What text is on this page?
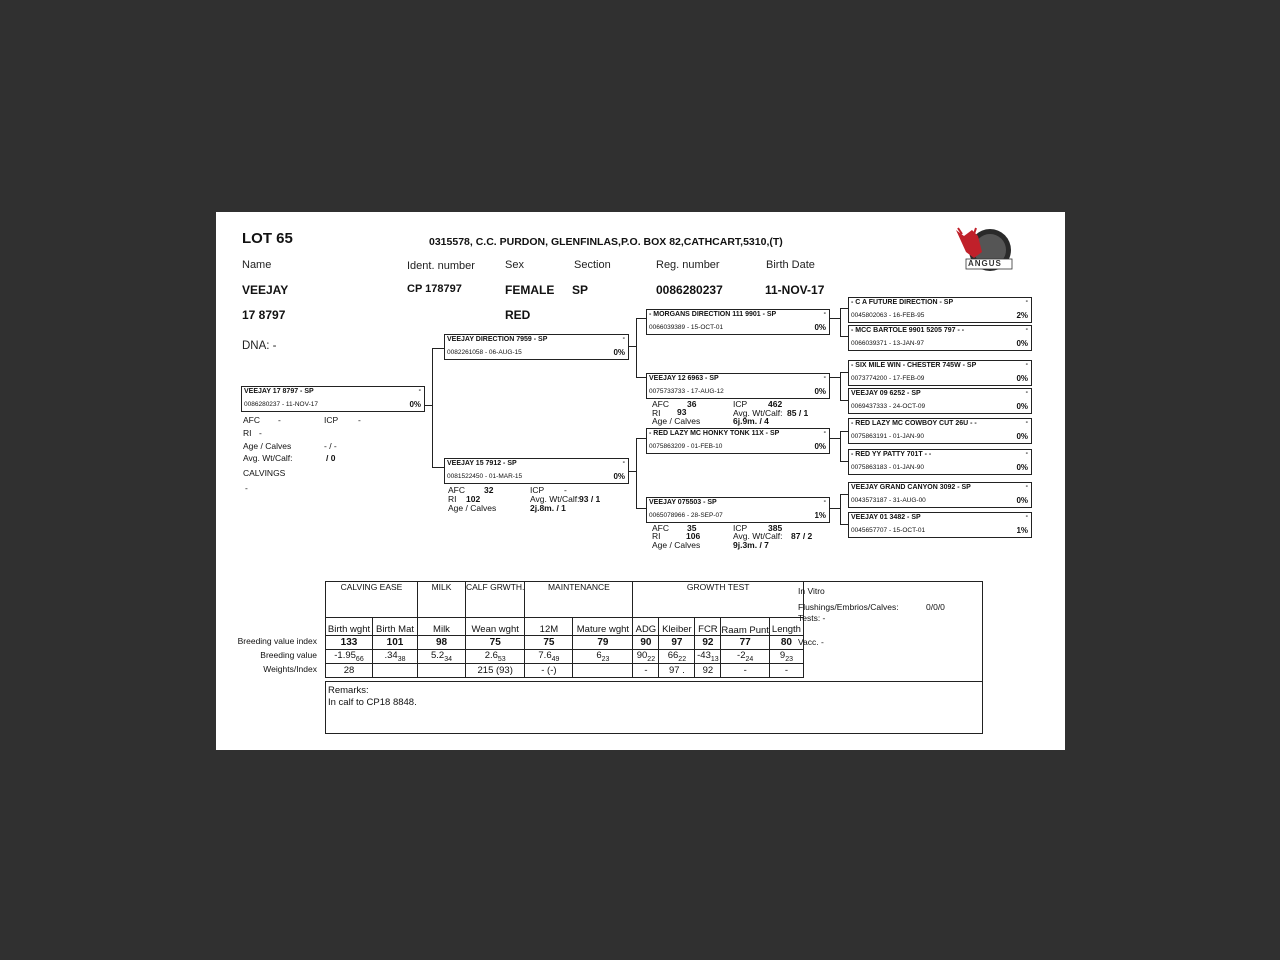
LOT 65	0315578, C.C. PURDON, GLENFINLAS,P.O. BOX 82,CATHCART,5310,(T)
ANGUS
Name	Ident. number	Sex	Section	Reg. number	Birth Date
VEEJAY	CP 178797	FEMALE SP	0086280237	11-NOV-17
17 8797	RED
DNA: -
VEEJAY 17 8797 - SP	-
0086280237 - 11-NOV-17	0%
AFC -	ICP -
RI -
Age / Calves	- / -
Avg. Wt/Calf:	/ 0
CALVINGS
-
VEEJAY DIRECTION 7959 - SP	-
0082261058 - 06-AUG-15	0%
VEEJAY 15 7912 - SP	-
0081522450 - 01-MAR-15	0%
AFC 32	ICP -
RI 102	Avg. Wt/Calf: 93 / 1
Age / Calves	2j.8m. / 1
- MORGANS DIRECTION 111 9901 - SP	-
0066039389 - 15-OCT-01	0%
VEEJAY 12 6963 - SP	-
0075733733 - 17-AUG-12	0%
AFC 36	ICP 462
RI 93	Avg. Wt/Calf: 85 / 1
Age / Calves	6j.9m. / 4
- RED LAZY MC HONKY TONK 11X - SP	-
0075863209 - 01-FEB-10	0%
VEEJAY 075503 - SP	-
0065078966 - 28-SEP-07	1%
AFC 35	ICP 385
RI	106	Avg. Wt/Calf: 87 / 2
Age / Calves	9j.3m. / 7
- C A FUTURE DIRECTION - SP	-
0045802063 - 16-FEB-95	2%
- MCC BARTOLE 9901 5205 797 - -	-
0066039371 - 13-JAN-97	0%
- SIX MILE WIN - CHESTER 745W - SP	-
0073774200 - 17-FEB-09	0%
VEEJAY 09 6252 - SP	-
0069437333 - 24-OCT-09	0%
- RED LAZY MC COWBOY CUT 26U - -	-
0075863191 - 01-JAN-90	0%
- RED YY PATTY 701T - -	-
0075863183 - 01-JAN-90	0%
VEEJAY GRAND CANYON 3092 - SP	-
0043573187 - 31-AUG-00	0%
VEEJAY 01 3482 - SP	-
0045657707 - 15-OCT-01	1%
Breeding value index
Breeding value
Weights/Index
CALVING EASE		MILK	CALF GRWTH.	MAINTENANCE		GROWTH TEST				
Birth wght	Birth Mat	Milk	Wean wght	12M	Mature wght	ADG	Kleiber	FCR	Raam Punt	Length
133	101	98	75	75	79	90	97	92	77	80
$-1.95_{66}$	$.34_{38}$	$5.2_{34}$	$2.6_{53}$	$7.6_{49}$	$6_{23}$	$90_{22}$	$66_{22}$	$-43_{13}$	$-2_{24}$	$9_{23}$
28			215 (93)	- (-)		-	97 .	92	-	-
In Vitro
Flushings/Embrios/Calves:	0/0/0
Tests: -
Vacc. -
Remarks:
In calf to CP18 8848.
